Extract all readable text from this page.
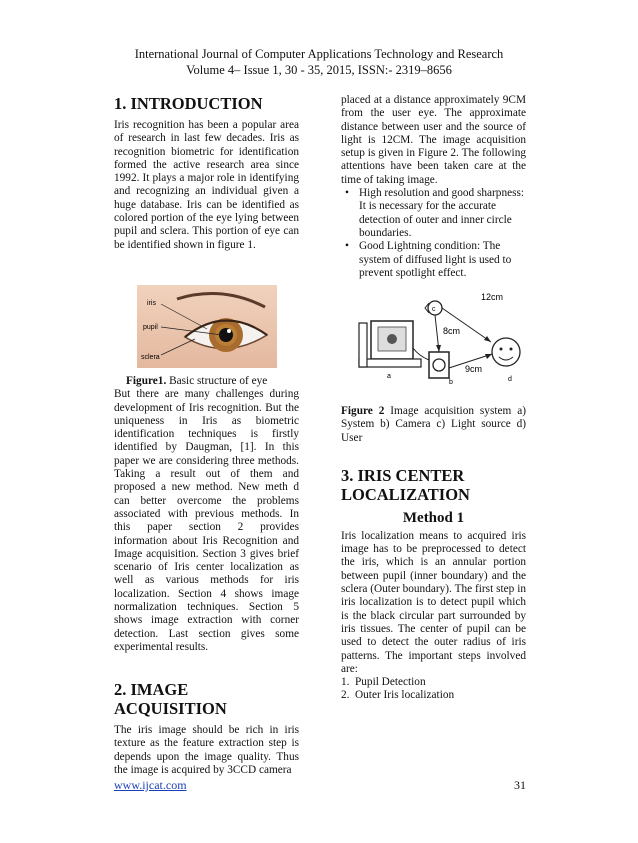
International Journal of Computer Applications Technology and Research
Volume 4– Issue 1, 30 - 35, 2015, ISSN:- 2319–8656
1. INTRODUCTION

Iris recognition has been a popular area of research in last few decades. Iris as recognition biometric for identification formed the active research area since 1992. It plays a major role in identifying and recognizing an individual given a huge database. Iris can be identified as colored portion of the eye lying between pupil and sclera. This portion of eye can be identified shown in figure 1.

iris
pupil
sclera
Figure1. Basic structure of eye

But there are many challenges during development of Iris recognition. But the uniqueness in Iris as biometric identification techniques is firstly identified by Daugman, [1]. In this paper we are considering three methods. Taking a result out of them and proposed a new method. New meth d can better overcome the problems associated with previous methods. In this paper section 2 provides information about Iris Recognition and Image acquisition. Section 3 gives brief scenario of Iris center localization as well as various methods for iris localization. Section 4 shows image normalization techniques. Section 5 shows image extraction with corner detection. Last section gives some experimental results.

2. IMAGE ACQUISITION

The iris image should be rich in iris texture as the feature extraction step is depends upon the image quality. Thus the image is acquired by 3CCD camera

placed at a distance approximately 9CM from the user eye. The approximate distance between user and the source of light is 12CM. The image acquisition setup is given in Figure 2. The following attentions have been taken care at the time of taking image.

• High resolution and good sharpness: It is necessary for the accurate detection of outer and inner circle boundaries.
• Good Lightning condition: The system of diffused light is used to prevent spotlight effect.
a
b
c
d
12cm
8cm
9cm
Figure 2 Image acquisition system a) System b) Camera c) Light source d) User
3. IRIS CENTER LOCALIZATION
Method 1

Iris localization means to acquired iris image has to be preprocessed to detect the iris, which is an annular portion between pupil (inner boundary) and the sclera (Outer boundary). The first step in iris localization is to detect pupil which is the black circular part surrounded by iris tissues. The center of pupil can be used to detect the outer radius of iris patterns. The important steps involved are:

1. Pupil Detection
2. Outer Iris localization
www.ijcat.com	31
